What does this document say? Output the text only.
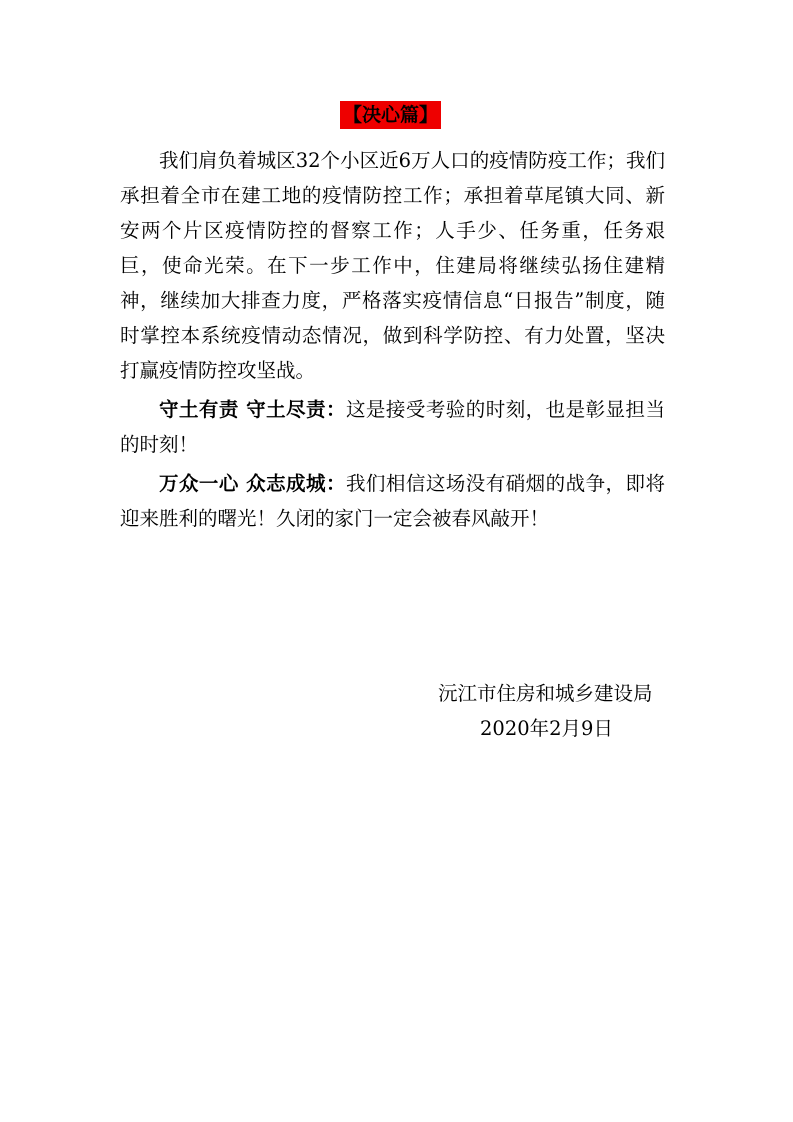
【决心篇】

我们肩负着城区32个小区近6万人口的疫情防疫工作；我们承担着全市在建工地的疫情防控工作；承担着草尾镇大同、新安两个片区疫情防控的督察工作；人手少、任务重，任务艰巨，使命光荣。在下一步工作中，住建局将继续弘扬住建精神，继续加大排查力度，严格落实疫情信息“日报告”制度，随时掌控本系统疫情动态情况，做到科学防控、有力处置，坚决打赢疫情防控攻坚战。

守土有责 守土尽责：这是接受考验的时刻，也是彰显担当的时刻！

万众一心 众志成城：我们相信这场没有硝烟的战争，即将迎来胜利的曙光！久闭的家门一定会被春风敲开！

沅江市住房和城乡建设局
2020年2月9日
